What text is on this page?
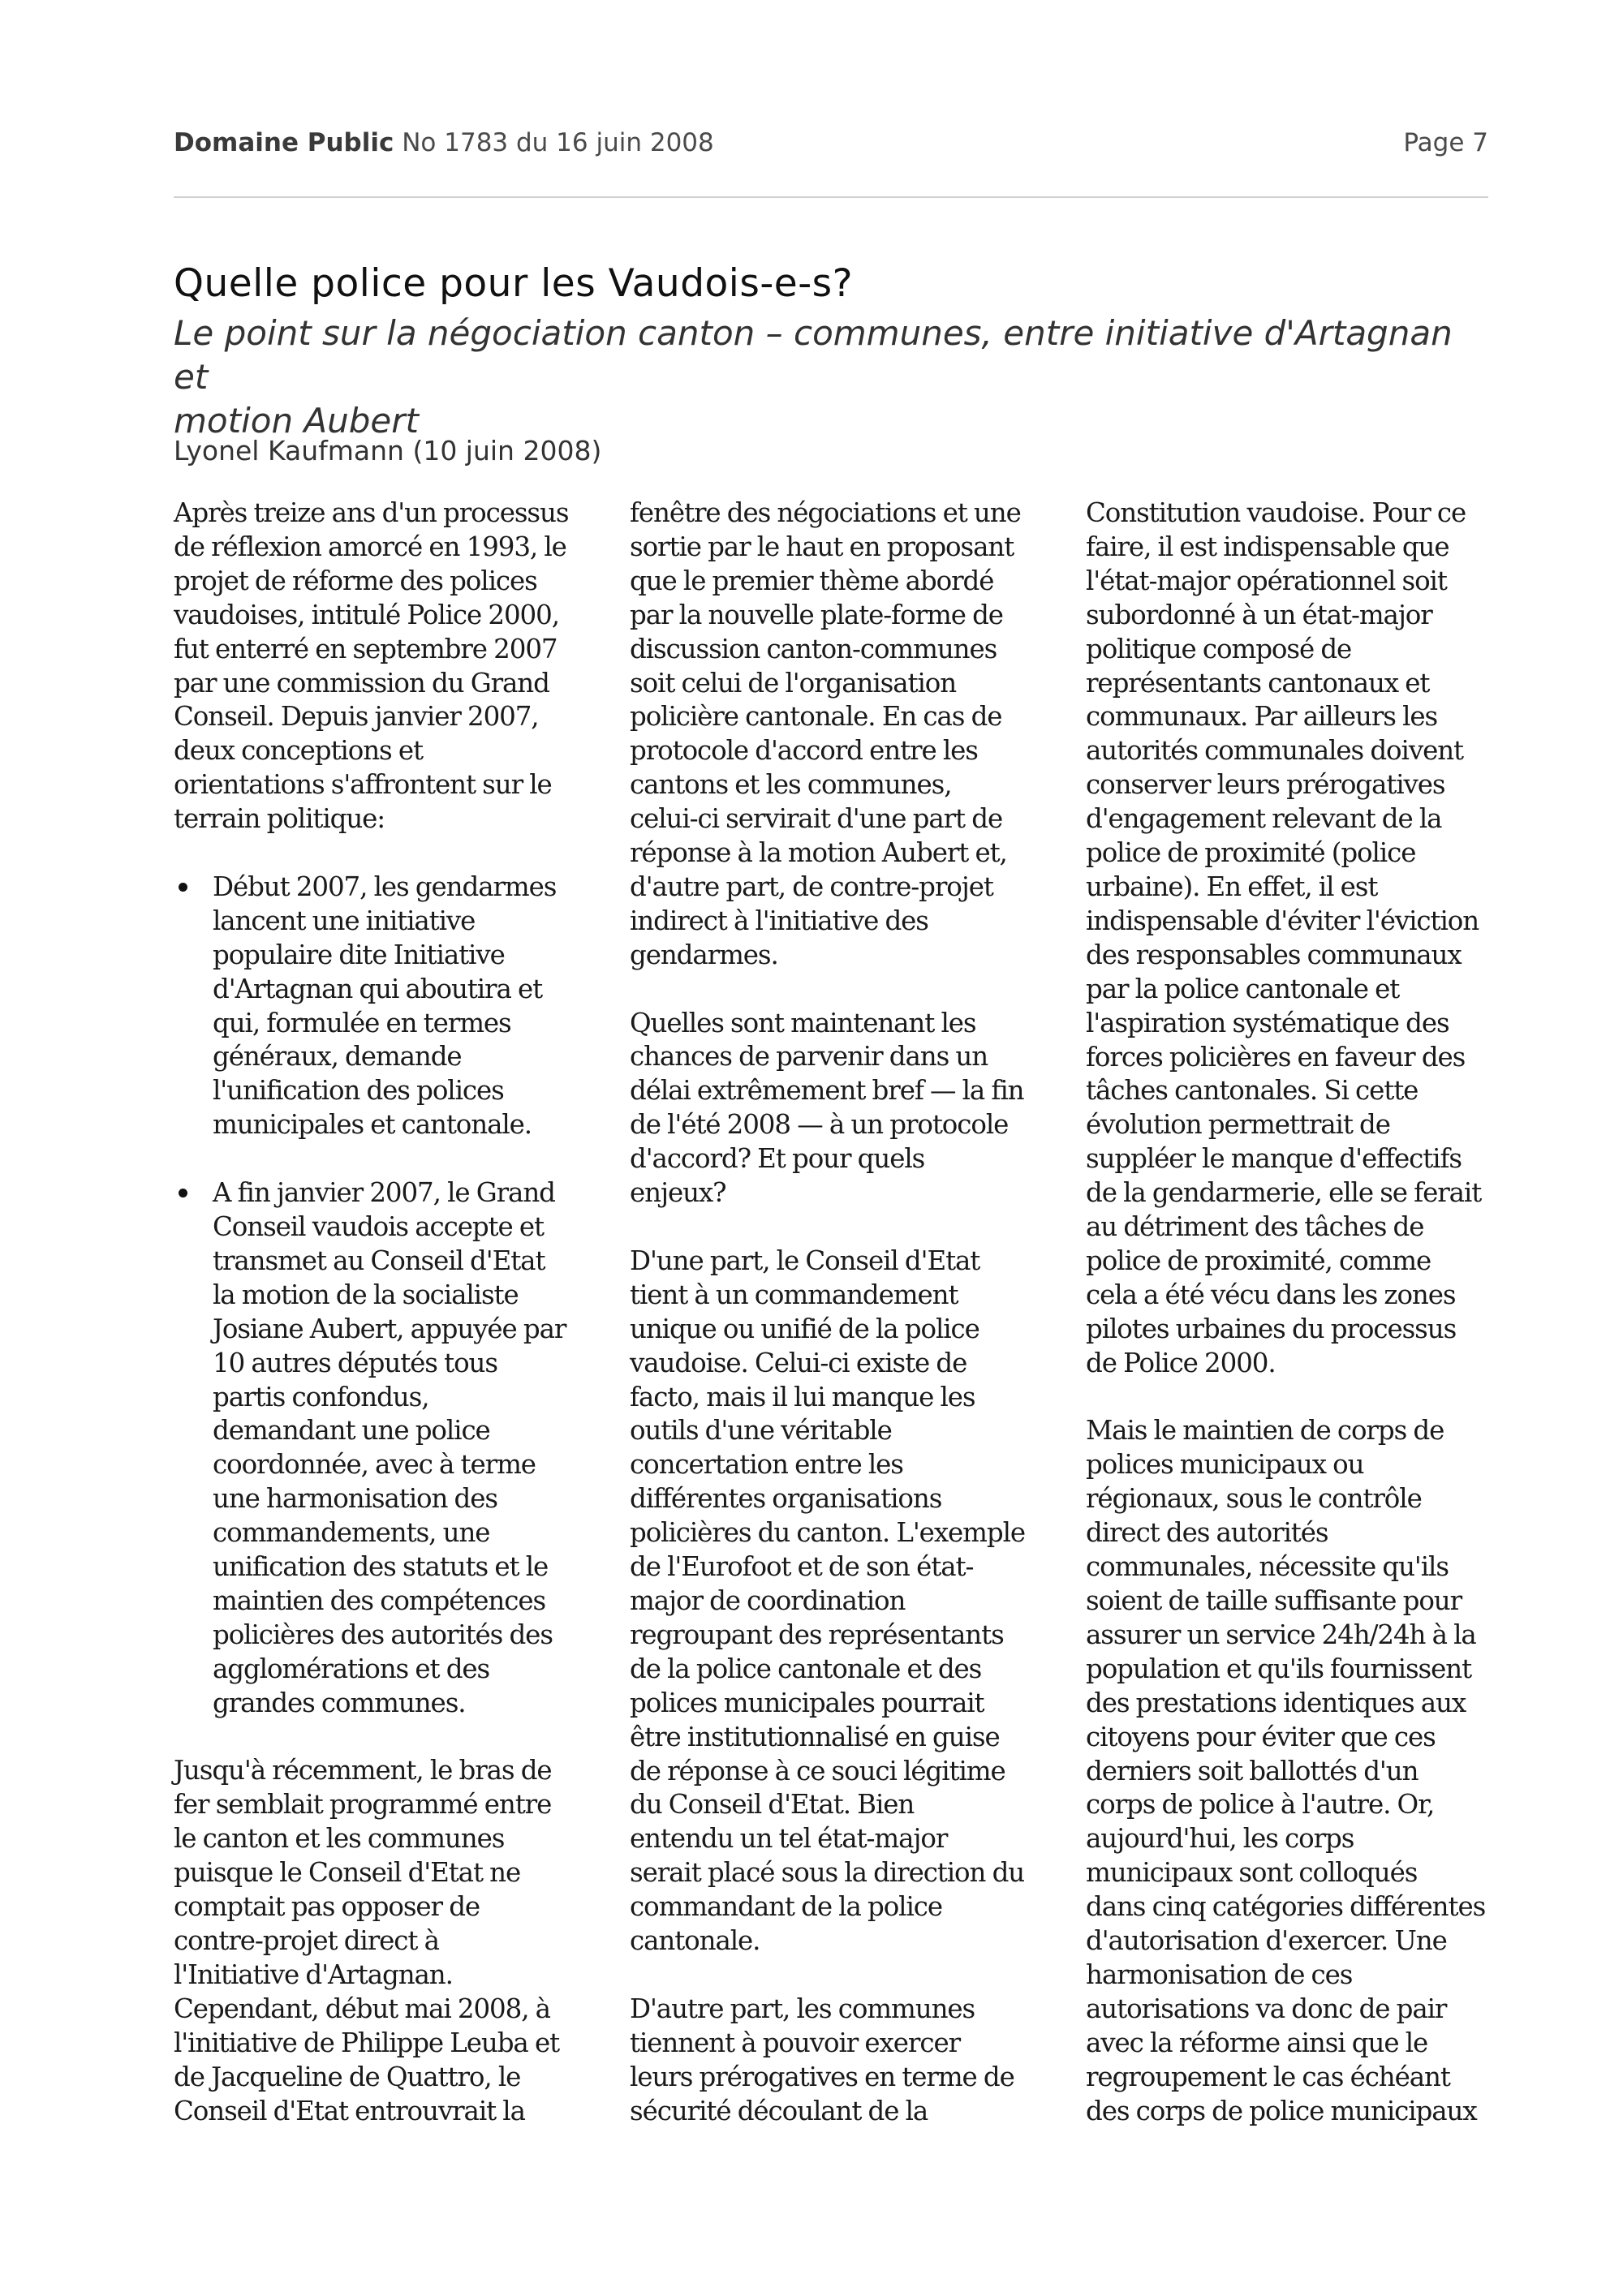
Domaine Public No 1783 du 16 juin 2008	Page 7
Quelle police pour les Vaudois-e-s?
Le point sur la négociation canton – communes, entre initiative d'Artagnan et
motion Aubert
Lyonel Kaufmann (10 juin 2008)

Après treize ans d'un processus
de réflexion amorcé en 1993, le
projet de réforme des polices
vaudoises, intitulé Police 2000,
fut enterré en septembre 2007
par une commission du Grand
Conseil. Depuis janvier 2007,
deux conceptions et
orientations s'affrontent sur le
terrain politique:

Début 2007, les gendarmes
lancent une initiative
populaire dite Initiative
d'Artagnan qui aboutira et
qui, formulée en termes
généraux, demande
l'unification des polices
municipales et cantonale.
A fin janvier 2007, le Grand
Conseil vaudois accepte et
transmet au Conseil d'Etat
la motion de la socialiste
Josiane Aubert, appuyée par
10 autres députés tous
partis confondus,
demandant une police
coordonnée, avec à terme
une harmonisation des
commandements, une
unification des statuts et le
maintien des compétences
policières des autorités des
agglomérations et des
grandes communes.

Jusqu'à récemment, le bras de
fer semblait programmé entre
le canton et les communes
puisque le Conseil d'Etat ne
comptait pas opposer de
contre-projet direct à
l'Initiative d'Artagnan.
Cependant, début mai 2008, à
l'initiative de Philippe Leuba et
de Jacqueline de Quattro, le
Conseil d'Etat entrouvrait la

fenêtre des négociations et une
sortie par le haut en proposant
que le premier thème abordé
par la nouvelle plate-forme de
discussion canton-communes
soit celui de l'organisation
policière cantonale. En cas de
protocole d'accord entre les
cantons et les communes,
celui-ci servirait d'une part de
réponse à la motion Aubert et,
d'autre part, de contre-projet
indirect à l'initiative des
gendarmes.

Quelles sont maintenant les
chances de parvenir dans un
délai extrêmement bref — la fin
de l'été 2008 — à un protocole
d'accord? Et pour quels
enjeux?

D'une part, le Conseil d'Etat
tient à un commandement
unique ou unifié de la police
vaudoise. Celui-ci existe de
facto, mais il lui manque les
outils d'une véritable
concertation entre les
différentes organisations
policières du canton. L'exemple
de l'Eurofoot et de son état-
major de coordination
regroupant des représentants
de la police cantonale et des
polices municipales pourrait
être institutionnalisé en guise
de réponse à ce souci légitime
du Conseil d'Etat. Bien
entendu un tel état-major
serait placé sous la direction du
commandant de la police
cantonale.

D'autre part, les communes
tiennent à pouvoir exercer
leurs prérogatives en terme de
sécurité découlant de la

Constitution vaudoise. Pour ce
faire, il est indispensable que
l'état-major opérationnel soit
subordonné à un état-major
politique composé de
représentants cantonaux et
communaux. Par ailleurs les
autorités communales doivent
conserver leurs prérogatives
d'engagement relevant de la
police de proximité (police
urbaine). En effet, il est
indispensable d'éviter l'éviction
des responsables communaux
par la police cantonale et
l'aspiration systématique des
forces policières en faveur des
tâches cantonales. Si cette
évolution permettrait de
suppléer le manque d'effectifs
de la gendarmerie, elle se ferait
au détriment des tâches de
police de proximité, comme
cela a été vécu dans les zones
pilotes urbaines du processus
de Police 2000.

Mais le maintien de corps de
polices municipaux ou
régionaux, sous le contrôle
direct des autorités
communales, nécessite qu'ils
soient de taille suffisante pour
assurer un service 24h/24h à la
population et qu'ils fournissent
des prestations identiques aux
citoyens pour éviter que ces
derniers soit ballottés d'un
corps de police à l'autre. Or,
aujourd'hui, les corps
municipaux sont colloqués
dans cinq catégories différentes
d'autorisation d'exercer. Une
harmonisation de ces
autorisations va donc de pair
avec la réforme ainsi que le
regroupement le cas échéant
des corps de police municipaux
